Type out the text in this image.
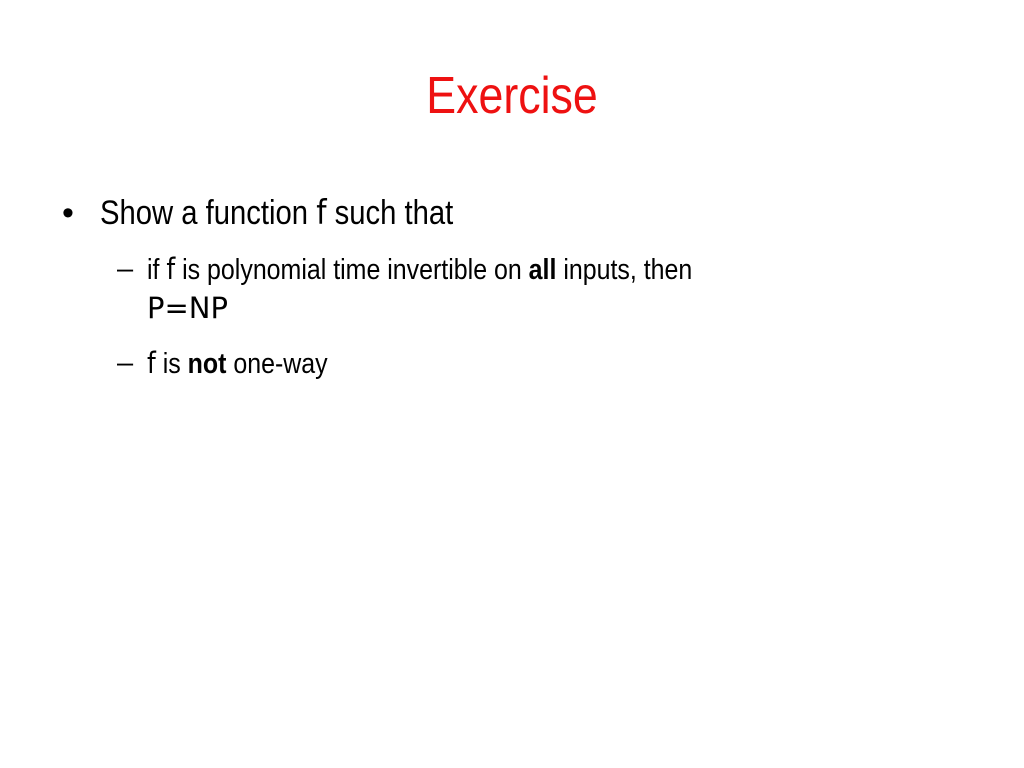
Exercise
• Show a function f such that
– if f is polynomial time invertible on all inputs, then
P=NP
– f is not one-way
